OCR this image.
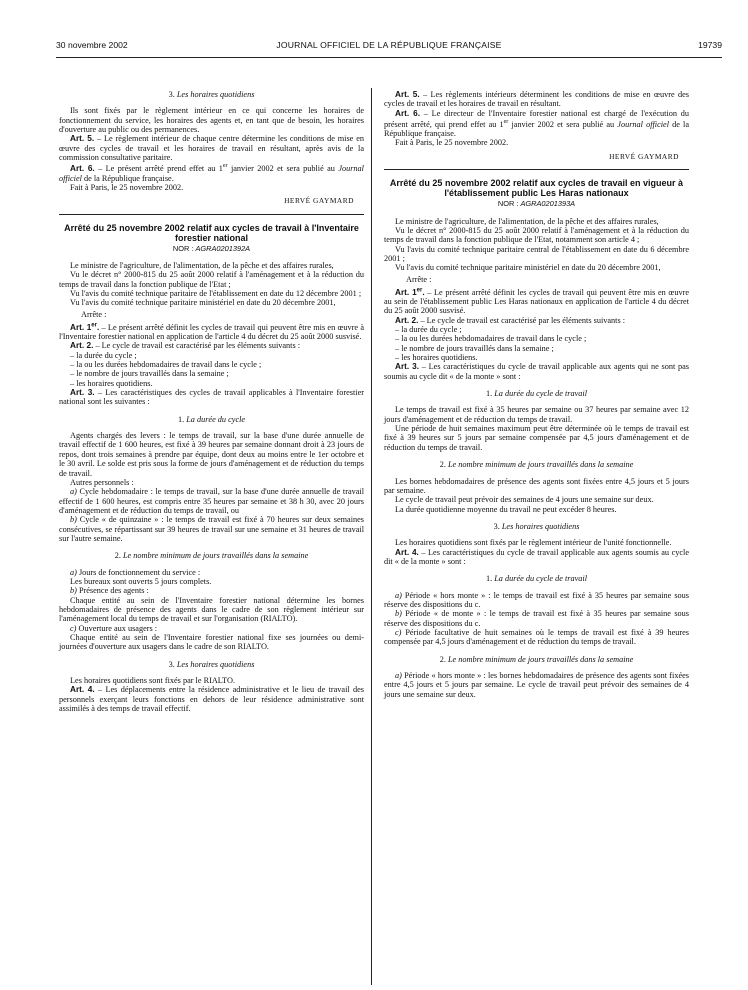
30 novembre 2002	JOURNAL OFFICIEL DE LA RÉPUBLIQUE FRANÇAISE	19739

3. Les horaires quotidiens

Ils sont fixés par le règlement intérieur en ce qui concerne les horaires de fonctionnement du service, les horaires des agents et, en tant que de besoin, les horaires d'ouverture au public ou des permanences.

Art. 5. – Le règlement intérieur de chaque centre détermine les conditions de mise en œuvre des cycles de travail et les horaires de travail en résultant, après avis de la commission consultative paritaire.

Art. 6. – Le présent arrêté prend effet au 1er janvier 2002 et sera publié au Journal officiel de la République française.

Fait à Paris, le 25 novembre 2002.

HERVÉ GAYMARD

Arrêté du 25 novembre 2002 relatif aux cycles de travail à l'Inventaire forestier national

NOR : AGRA0201392A

Le ministre de l'agriculture, de l'alimentation, de la pêche et des affaires rurales,

Vu le décret n° 2000-815 du 25 août 2000 relatif à l'aménagement et à la réduction du temps de travail dans la fonction publique de l'Etat ;

Vu l'avis du comité technique paritaire de l'établissement en date du 12 décembre 2001 ;

Vu l'avis du comité technique paritaire ministériel en date du 20 décembre 2001,

Arrête :

Art. 1er. – Le présent arrêté définit les cycles de travail qui peuvent être mis en œuvre à l'Inventaire forestier national en application de l'article 4 du décret du 25 août 2000 susvisé.

Art. 2. – Le cycle de travail est caractérisé par les éléments suivants :

– la durée du cycle ;

– la ou les durées hebdomadaires de travail dans le cycle ;

– le nombre de jours travaillés dans la semaine ;

– les horaires quotidiens.

Art. 3. – Les caractéristiques des cycles de travail applicables à l'Inventaire forestier national sont les suivantes :

1. La durée du cycle

Agents chargés des levers : le temps de travail, sur la base d'une durée annuelle de travail effectif de 1 600 heures, est fixé à 39 heures par semaine donnant droit à 23 jours de repos, dont trois semaines à prendre par équipe, dont deux au moins entre le 1er octobre et le 30 avril. Le solde est pris sous la forme de jours d'aménagement et de réduction du temps de travail.

Autres personnels :

a) Cycle hebdomadaire : le temps de travail, sur la base d'une durée annuelle de travail effectif de 1 600 heures, est compris entre 35 heures par semaine et 38 h 30, avec 20 jours d'aménagement et de réduction du temps de travail, ou

b) Cycle « de quinzaine » : le temps de travail est fixé à 70 heures sur deux semaines consécutives, se répartissant sur 39 heures de travail sur une semaine et 31 heures de travail sur l'autre semaine.

2. Le nombre minimum de jours travaillés dans la semaine

a) Jours de fonctionnement du service :

Les bureaux sont ouverts 5 jours complets.

b) Présence des agents :

Chaque entité au sein de l'Inventaire forestier national détermine les bornes hebdomadaires de présence des agents dans le cadre de son règlement intérieur sur l'aménagement local du temps de travail et sur l'organisation (RIALTO).

c) Ouverture aux usagers :

Chaque entité au sein de l'Inventaire forestier national fixe ses journées ou demi-journées d'ouverture aux usagers dans le cadre de son RIALTO.

3. Les horaires quotidiens

Les horaires quotidiens sont fixés par le RIALTO.

Art. 4. – Les déplacements entre la résidence administrative et le lieu de travail des personnels exerçant leurs fonctions en dehors de leur résidence administrative sont assimilés à des temps de travail effectif.

Art. 5. – Les règlements intérieurs déterminent les conditions de mise en œuvre des cycles de travail et les horaires de travail en résultant.

Art. 6. – Le directeur de l'Inventaire forestier national est chargé de l'exécution du présent arrêté, qui prend effet au 1er janvier 2002 et sera publié au Journal officiel de la République française.

Fait à Paris, le 25 novembre 2002.

HERVÉ GAYMARD

Arrêté du 25 novembre 2002 relatif aux cycles de travail en vigueur à l'établissement public Les Haras nationaux

NOR : AGRA0201393A

Le ministre de l'agriculture, de l'alimentation, de la pêche et des affaires rurales,

Vu le décret n° 2000-815 du 25 août 2000 relatif à l'aménagement et à la réduction du temps de travail dans la fonction publique de l'Etat, notamment son article 4 ;

Vu l'avis du comité technique paritaire central de l'établissement en date du 6 décembre 2001 ;

Vu l'avis du comité technique paritaire ministériel en date du 20 décembre 2001,

Arrête :

Art. 1er. – Le présent arrêté définit les cycles de travail qui peuvent être mis en œuvre au sein de l'établissement public Les Haras nationaux en application de l'article 4 du décret du 25 août 2000 susvisé.

Art. 2. – Le cycle de travail est caractérisé par les éléments suivants :

– la durée du cycle ;

– la ou les durées hebdomadaires de travail dans le cycle ;

– le nombre de jours travaillés dans la semaine ;

– les horaires quotidiens.

Art. 3. – Les caractéristiques du cycle de travail applicable aux agents qui ne sont pas soumis au cycle dit « de la monte » sont :

1. La durée du cycle de travail

Le temps de travail est fixé à 35 heures par semaine ou 37 heures par semaine avec 12 jours d'aménagement et de réduction du temps de travail.

Une période de huit semaines maximum peut être déterminée où le temps de travail est fixé à 39 heures sur 5 jours par semaine compensée par 4,5 jours d'aménagement et de réduction du temps de travail.

2. Le nombre minimum de jours travaillés dans la semaine

Les bornes hebdomadaires de présence des agents sont fixées entre 4,5 jours et 5 jours par semaine.

Le cycle de travail peut prévoir des semaines de 4 jours une semaine sur deux.

La durée quotidienne moyenne du travail ne peut excéder 8 heures.

3. Les horaires quotidiens

Les horaires quotidiens sont fixés par le règlement intérieur de l'unité fonctionnelle.

Art. 4. – Les caractéristiques du cycle de travail applicable aux agents soumis au cycle dit « de la monte » sont :

1. La durée du cycle de travail

a) Période « hors monte » : le temps de travail est fixé à 35 heures par semaine sous réserve des dispositions du c.

b) Période « de monte » : le temps de travail est fixé à 35 heures par semaine sous réserve des dispositions du c.

c) Période facultative de huit semaines où le temps de travail est fixé à 39 heures compensée par 4,5 jours d'aménagement et de réduction du temps de travail.

2. Le nombre minimum de jours travaillés dans la semaine

a) Période « hors monte » : les bornes hebdomadaires de présence des agents sont fixées entre 4,5 jours et 5 jours par semaine. Le cycle de travail peut prévoir des semaines de 4 jours une semaine sur deux.
